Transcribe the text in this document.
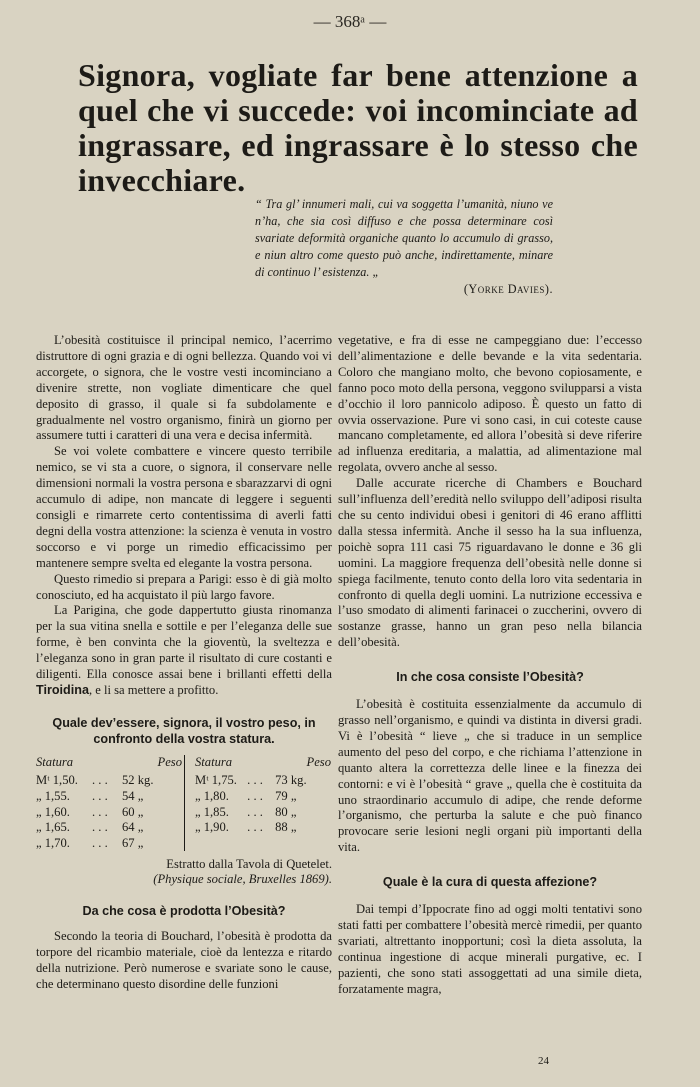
— 368ᵃ —
Signora, vogliate far bene attenzione a quel che vi succede: voi incominciate ad ingrassare, ed ingrassare è lo stesso che invecchiare.
“ Tra gl’ innumeri mali, cui va soggetta l’umanità, niuno ve n’ha, che sia così diffuso e che possa determinare così svariate deformità organiche quanto lo accumulo di grasso, e niun altro come questo può anche, indirettamente, minare di continuo l’ esistenza. „
(Yorke Davies).

L’obesità costituisce il principal nemico, l’acerrimo distruttore di ogni grazia e di ogni bellezza. Quando voi vi accorgete, o signora, che le vostre vesti incominciano a divenire strette, non vogliate dimenticare che quel deposito di grasso, il quale si fa subdolamente e gradualmente nel vostro organismo, finirà un giorno per assumere tutti i caratteri di una vera e decisa infermità.

Se voi volete combattere e vincere questo terribile nemico, se vi sta a cuore, o signora, il conservare nelle dimensioni normali la vostra persona e sbarazzarvi di ogni accumulo di adipe, non mancate di leggere i seguenti consigli e rimarrete certo contentissima di averli fatti degni della vostra attenzione: la scienza è venuta in vostro soccorso e vi porge un rimedio efficacissimo per mantenere sempre svelta ed elegante la vostra persona.

Questo rimedio si prepara a Parigi: esso è di già molto conosciuto, ed ha acquistato il più largo favore.

La Parigina, che gode dappertutto giusta rinomanza per la sua vitina snella e sottile e per l’eleganza delle sue forme, è ben convinta che la gioventù, la sveltezza e l’eleganza sono in gran parte il risultato di cure costanti e diligenti. Ella conosce assai bene i brillanti effetti della Tiroidina, e li sa mettere a profitto.

Quale dev’essere, signora, il vostro peso, in confronto della vostra statura.
Statura	Peso
Mᵗ 1,50.	. . .	52 kg.
„ 1,55.	. . .	54 „
„ 1,60.	. . .	60 „
„ 1,65.	. . .	64 „
„ 1,70.	. . .	67 „
Statura	Peso
Mᵗ 1,75. . . . 73 kg.
„ 1,80.	. . . 79 „
„ 1,85.	. . . 80 „
„ 1,90.	. . . 88 „
Estratto dalla Tavola di Quetelet.
(Physique sociale, Bruxelles 1869).
Da che cosa è prodotta l’Obesità?

Secondo la teoria di Bouchard, l’obesità è prodotta da torpore del ricambio materiale, cioè da lentezza e ritardo della nutrizione. Però numerose e svariate sono le cause, che determinano questo disordine delle funzioni

vegetative, e fra di esse ne campeggiano due: l’eccesso dell’alimentazione e delle bevande e la vita sedentaria. Coloro che mangiano molto, che bevono copiosamente, e fanno poco moto della persona, veggono svilupparsi a vista d’occhio il loro pannicolo adiposo. È questo un fatto di ovvia osservazione. Pure vi sono casi, in cui coteste cause mancano completamente, ed allora l’obesità si deve riferire ad influenza ereditaria, a malattia, ad alimentazione mal regolata, ovvero anche al sesso.

Dalle accurate ricerche di Chambers e Bouchard sull’influenza dell’eredità nello sviluppo dell’adiposi risulta che su cento individui obesi i genitori di 46 erano afflitti dalla stessa infermità. Anche il sesso ha la sua influenza, poichè sopra 111 casi 75 riguardavano le donne e 36 gli uomini. La maggiore frequenza dell’obesità nelle donne si spiega facilmente, tenuto conto della loro vita sedentaria in confronto di quella degli uomini. La nutrizione eccessiva e l’uso smodato di alimenti farinacei o zuccherini, ovvero di sostanze grasse, hanno un gran peso nella bilancia dell’obesità.

In che cosa consiste l’Obesità?

L’obesità è costituita essenzialmente da accumulo di grasso nell’organismo, e quindi va distinta in diversi gradi. Vi è l’obesità “ lieve „ che si traduce in un semplice aumento del peso del corpo, e che richiama l’attenzione in quanto altera la correttezza delle linee e la finezza dei contorni: e vi è l’obesità “ grave „ quella che è costituita da uno straordinario accumulo di adipe, che rende deforme l’organismo, che perturba la salute e che può financo provocare serie lesioni negli organi più importanti della vita.

Quale è la cura di questa affezione?

Dai tempi d’Ippocrate fino ad oggi molti tentativi sono stati fatti per combattere l’obesità mercè rimedii, per quanto svariati, altrettanto inopportuni; così la dieta assoluta, la continua ingestione di acque minerali purgative, ec. I pazienti, che sono stati assoggettati ad una simile dieta, forzatamente magra,

24
